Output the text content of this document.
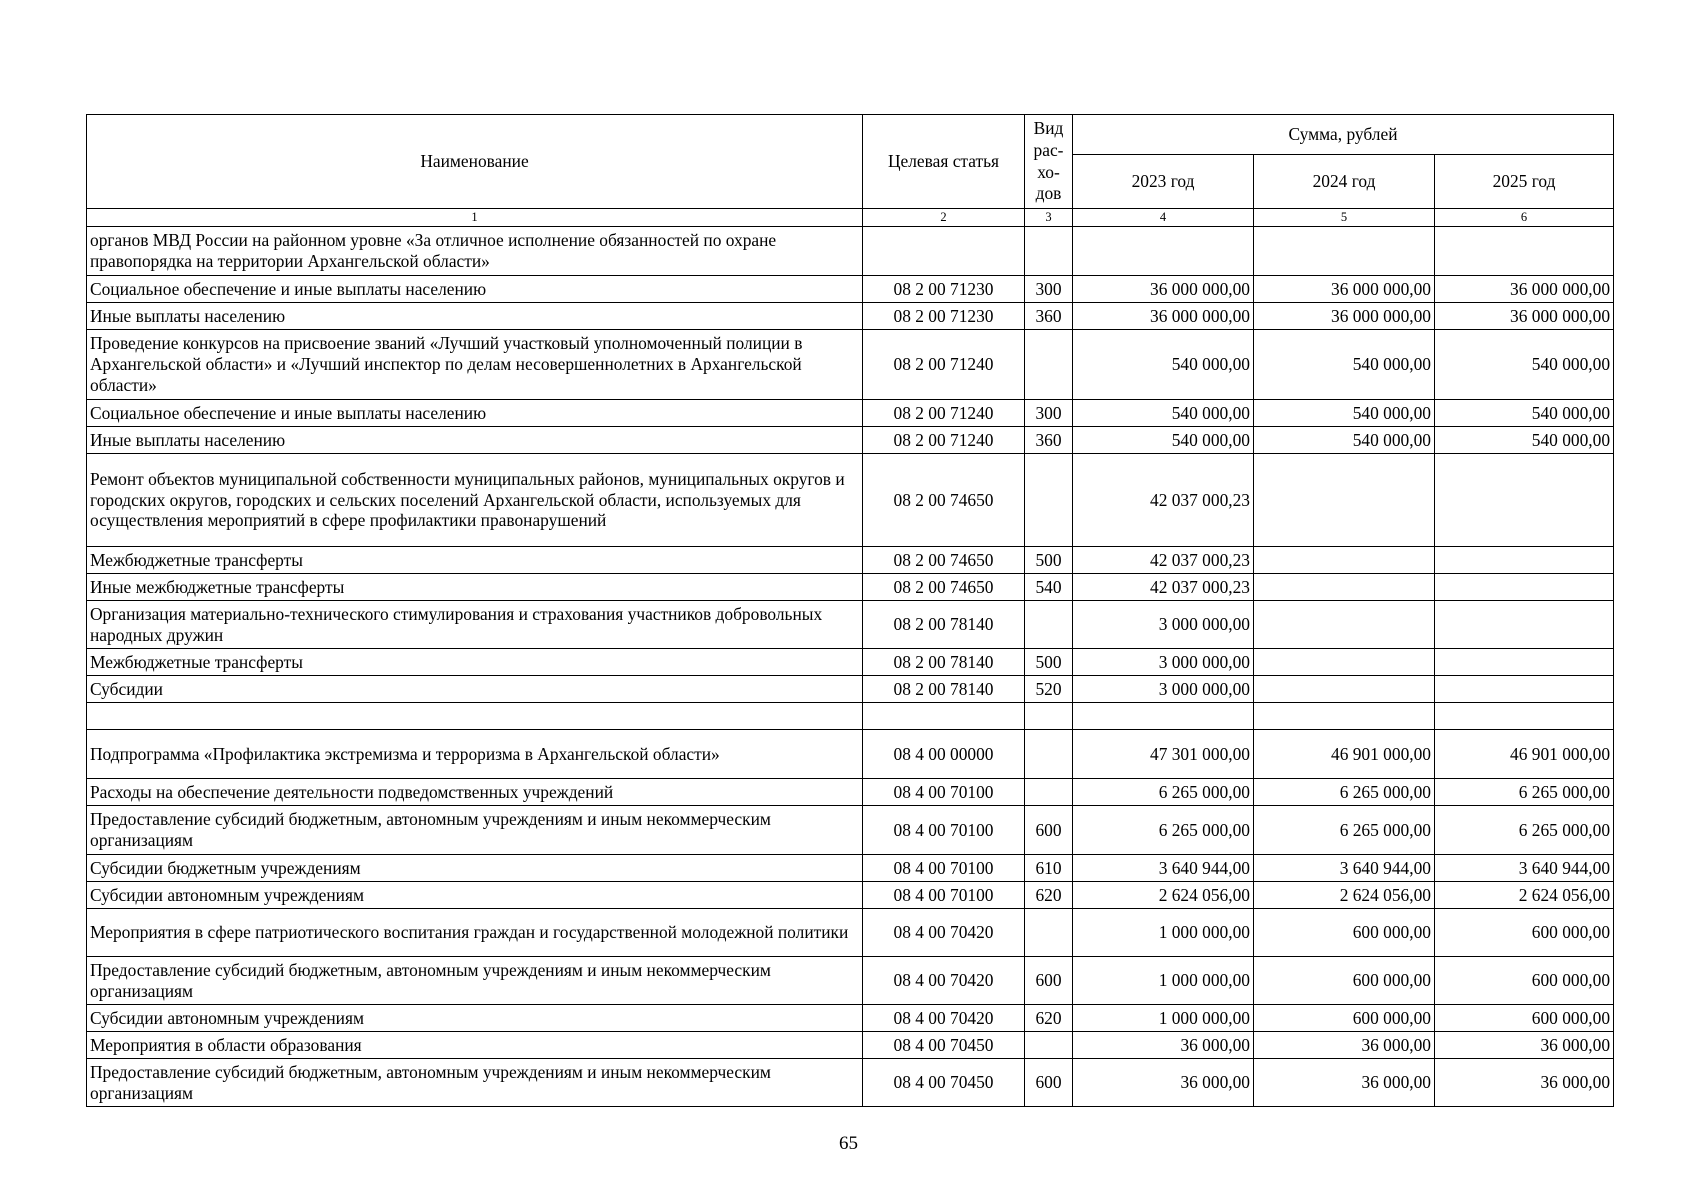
Наименование	Целевая статья	Вид рас-хо-дов	Сумма, рублей		
			2023 год	2024 год	2025 год
1	2	3	4	5	6
органов МВД России на районном уровне «За отличное исполнение обязанностей по охране правопорядка на территории Архангельской области»					
Социальное обеспечение и иные выплаты населению	08 2 00 71230	300	36 000 000,00	36 000 000,00	36 000 000,00
Иные выплаты населению	08 2 00 71230	360	36 000 000,00	36 000 000,00	36 000 000,00
Проведение конкурсов на присвоение званий «Лучший участковый уполномоченный полиции в Архангельской области» и «Лучший инспектор по делам несовершеннолетних в Архангельской области»	08 2 00 71240		540 000,00	540 000,00	540 000,00
Социальное обеспечение и иные выплаты населению	08 2 00 71240	300	540 000,00	540 000,00	540 000,00
Иные выплаты населению	08 2 00 71240	360	540 000,00	540 000,00	540 000,00
Ремонт объектов муниципальной собственности муниципальных районов, муниципальных округов и городских округов, городских и сельских поселений Архангельской области, используемых для осуществления мероприятий в сфере профилактики правонарушений	08 2 00 74650		42 037 000,23		
Межбюджетные трансферты	08 2 00 74650	500	42 037 000,23		
Иные межбюджетные трансферты	08 2 00 74650	540	42 037 000,23		
Организация материально-технического стимулирования и страхования участников добровольных народных дружин	08 2 00 78140		3 000 000,00		
Межбюджетные трансферты	08 2 00 78140	500	3 000 000,00		
Субсидии	08 2 00 78140	520	3 000 000,00		

Подпрограмма «Профилактика экстремизма и терроризма в Архангельской области»	08 4 00 00000		47 301 000,00	46 901 000,00	46 901 000,00
Расходы на обеспечение деятельности подведомственных учреждений	08 4 00 70100		6 265 000,00	6 265 000,00	6 265 000,00
Предоставление субсидий бюджетным, автономным учреждениям и иным некоммерческим организациям	08 4 00 70100	600	6 265 000,00	6 265 000,00	6 265 000,00
Субсидии бюджетным учреждениям	08 4 00 70100	610	3 640 944,00	3 640 944,00	3 640 944,00
Субсидии автономным учреждениям	08 4 00 70100	620	2 624 056,00	2 624 056,00	2 624 056,00
Мероприятия в сфере патриотического воспитания граждан и государственной молодежной политики	08 4 00 70420		1 000 000,00	600 000,00	600 000,00
Предоставление субсидий бюджетным, автономным учреждениям и иным некоммерческим организациям	08 4 00 70420	600	1 000 000,00	600 000,00	600 000,00
Субсидии автономным учреждениям	08 4 00 70420	620	1 000 000,00	600 000,00	600 000,00
Мероприятия в области образования	08 4 00 70450		36 000,00	36 000,00	36 000,00
Предоставление субсидий бюджетным, автономным учреждениям и иным некоммерческим организациям	08 4 00 70450	600	36 000,00	36 000,00	36 000,00
65
